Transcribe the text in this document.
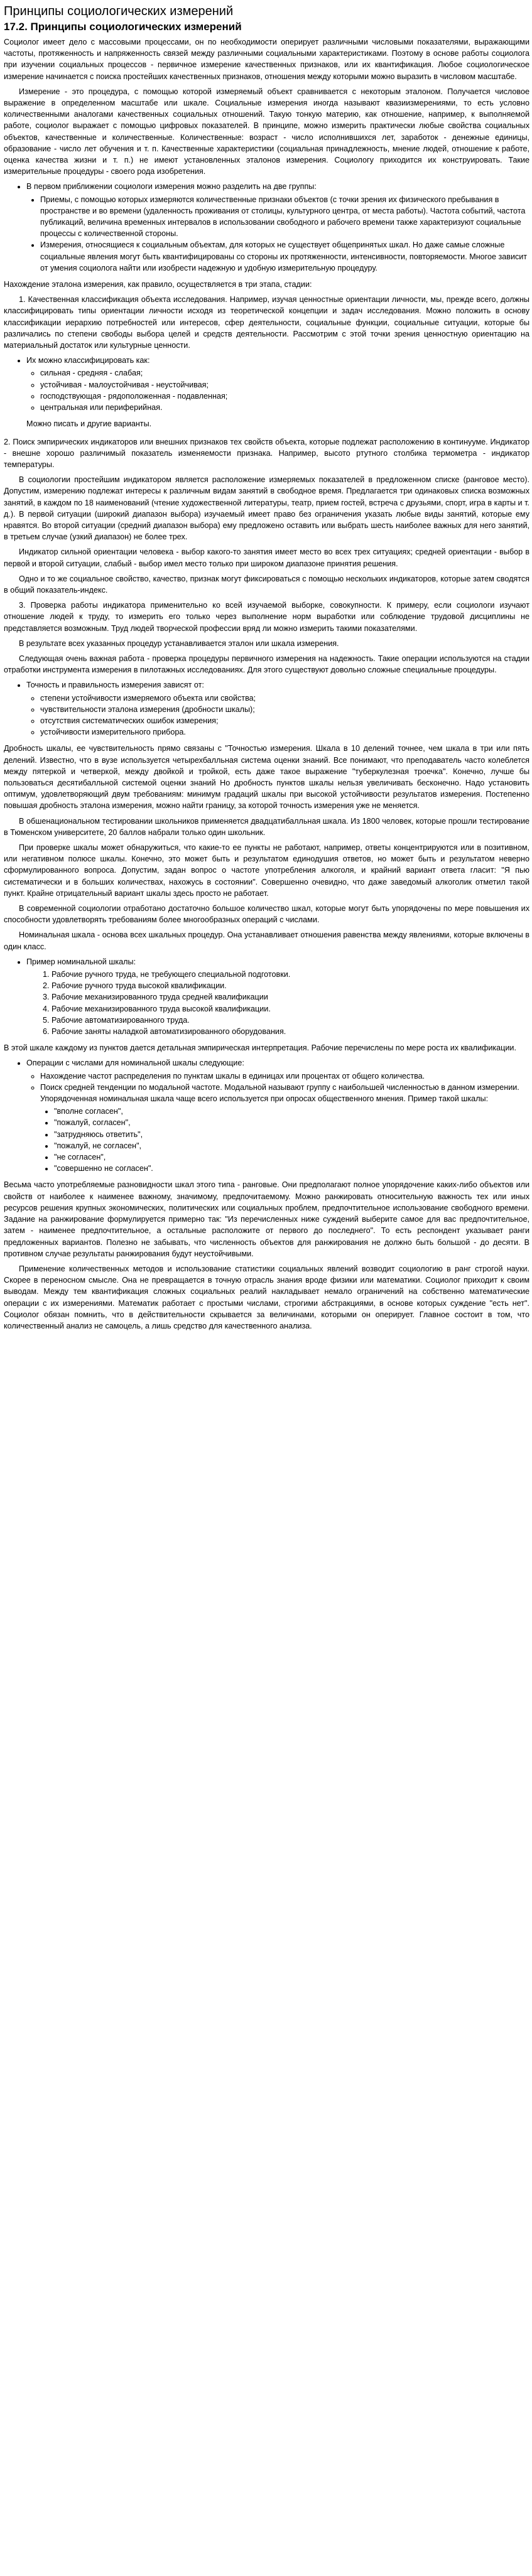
Принципы социологических измерений
17.2. Принципы социологических измерений

Социолог имеет дело с массовыми процессами, он по необходимости оперирует различными числовыми показателями, выражающими частоты, протяженность и напряженность связей между различными социальными характеристиками. Поэтому в основе работы социолога при изучении социальных процессов - первичное измерение качественных признаков, или их квантификация. Любое социологическое измерение начинается с поиска простейших качественных признаков, отношения между которыми можно выразить в числовом масштабе.

Измерение - это процедура, с помощью которой измеряемый объект сравнивается с некоторым эталоном. Получается числовое выражение в определенном масштабе или шкале. Социальные измерения иногда называют квазиизмерениями, то есть условно количественными аналогами качественных социальных отношений. Такую тонкую материю, как отношение, например, к выполняемой работе, социолог выражает с помощью цифровых показателей. В принципе, можно измерить практически любые свойства социальных объектов, качественные и количественные. Количественные: возраст - число исполнившихся лет, заработок - денежные единицы, образование - число лет обучения и т. п. Качественные характеристики (социальная принадлежность, мнение людей, отношение к работе, оценка качества жизни и т. п.) не имеют установленных эталонов измерения. Социологу приходится их конструировать. Такие измерительные процедуры - своего рода изобретения.

• В первом приближении социологи измерения можно разделить на две группы:
• Приемы, с помощью которых измеряются количественные признаки объектов (с точки зрения их физического пребывания в пространстве и во времени (удаленность проживания от столицы, культурного центра, от места работы). Частота событий, частота публикаций, величина временных интервалов в использовании свободного и рабочего времени также характеризуют социальные процессы с количественной стороны.
• Измерения, относящиеся к социальным объектам, для которых не существует общепринятых шкал. Но даже самые сложные социальные явления могут быть квантифицированы со стороны их протяженности, интенсивности, повторяемости. Многое зависит от умения социолога найти или изобрести надежную и удобную измерительную процедуру.

Нахождение эталона измерения, как правило, осуществляется в три этапа, стадии:

1. Качественная классификация объекта исследования. Например, изучая ценностные ориентации личности, мы, прежде всего, должны классифицировать типы ориентации личности исходя из теоретической концепции и задач исследования. Можно положить в основу классификации иерархию потребностей или интересов, сфер деятельности, социальные функции, социальные ситуации, которые бы различались по степени свободы выбора целей и средств деятельности. Рассмотрим с этой точки зрения ценностную ориентацию на материальный достаток или культурные ценности.

• Их можно классифицировать как:
◦ сильная - средняя - слабая;
◦ устойчивая - малоустойчивая - неустойчивая;
◦ господствующая - рядоположенная - подавленная;
◦ центральная или периферийная.
Можно писать и другие варианты.

2. Поиск эмпирических индикаторов или внешних признаков тех свойств объекта, которые подлежат расположению в континууме. Индикатор - внешне хорошо различимый показатель изменяемости признака. Например, высото ртутного столбика термометра - индикатор температуры.

В социологии простейшим индикатором является расположение измеряемых показателей в предложенном списке (ранговое место). Допустим, измерению подлежат интересы к различным видам занятий в свободное время. Предлагается три одинаковых списка возможных занятий, в каждом по 18 наименований (чтение художественной литературы, театр, прием гостей, встреча с друзьями, спорт, игра в карты и т. д.). В первой ситуации (широкий диапазон выбора) изучаемый имеет право без ограничения указать любые виды занятий, которые ему нравятся. Во второй ситуации (средний диапазон выбора) ему предложено оставить или выбрать шесть наиболее важных для него занятий, в третьем случае (узкий диапазон) не более трех.

Индикатор сильной ориентации человека - выбор какого-то занятия имеет место во всех трех ситуациях; средней ориентации - выбор в первой и второй ситуации, слабый - выбор имел место только при широком диапазоне принятия решения.

Одно и то же социальное свойство, качество, признак могут фиксироваться с помощью нескольких индикаторов, которые затем сводятся в общий показатель-индекс.

3. Проверка работы индикатора применительно ко всей изучаемой выборке, совокупности. К примеру, если социологи изучают отношение людей к труду, то измерить его только через выполнение норм выработки или соблюдение трудовой дисциплины не представляется возможным. Труд людей творческой профессии вряд ли можно измерить такими показателями.

В результате всех указанных процедур устанавливается эталон или шкала измерения.

Следующая очень важная работа - проверка процедуры первичного измерения на надежность. Такие операции используются на стадии отработки инструмента измерения в пилотажных исследованиях. Для этого существуют довольно сложные специальные процедуры.

• Точность и правильность измерения зависят от:
◦ степени устойчивости измеряемого объекта или свойства;
◦ чувствительности эталона измерения (дробности шкалы);
◦ отсутствия систематических ошибок измерения;
◦ устойчивости измерительного прибора.

Дробность шкалы, ее чувствительность прямо связаны с "Точностью измерения. Шкала в 10 делений точнее, чем шкала в три или пять делений. Известно, что в вузе используется четырехбалльная система оценки знаний. Все понимают, что преподаватель часто колеблется между пятеркой и четверкой, между двойкой и тройкой, есть даже такое выражение "туберкулезная троечка". Конечно, лучше бы пользоваться десятибалльной системой оценки знаний Но дробность пунктов шкалы нельзя увеличивать бесконечно. Надо установить оптимум, удовлетворяющий двум требованиям: минимум градаций шкалы при высокой устойчивости результатов измерения. Постепенно повышая дробность эталона измерения, можно найти границу, за которой точность измерения уже не меняется.

В обшенациональном тестировании школьников применяется двадцатибалльная шкала. Из 1800 человек, которые прошли тестирование в Тюменском университете, 20 баллов набрали только один школьник.

При проверке шкалы может обнаружиться, что какие-то ее пункты не работают, например, ответы концентрируются или в позитивном, или негативном полюсе шкалы. Конечно, это может быть и результатом единодушия ответов, но может быть и результатом неверно сформулированного вопроса. Допустим, задан вопрос о частоте употребления алкоголя, и крайний вариант ответа гласит: "Я пью систематически и в больших количествах, нахожусь в состоянии". Совершенно очевидно, что даже заведомый алкоголик отметил такой пункт. Крайне отрицательный вариант шкалы здесь просто не работает.

В современной социологии отработано достаточно большое количество шкал, которые могут быть упорядочены по мере повышения их способности удовлетворять требованиям более многообразных операций с числами.

Номинальная шкала - основа всех шкальных процедур. Она устанавливает отношения равенства между явлениями, которые включены в один класс.

• Пример номинальной шкалы:
1. Рабочие ручного труда, не требующего специальной подготовки.
2. Рабочие ручного труда высокой квалификации.
3. Рабочие механизированного труда средней квалификации
4. Рабочие механизированного труда высокой квалификации.
5. Рабочие автоматизированного труда.
6. Рабочие заняты наладкой автоматизированного оборудования.

В этой шкале каждому из пунктов дается детальная эмпирическая интерпретация. Рабочие перечислены по мере роста их квалификации.

• Операции с числами для номинальной шкалы следующие:
◦ Нахождение частот распределения по пунктам шкалы в единицах или процентах от общего количества.
◦ Поиск средней тенденции по модальной частоте. Модальной называют группу с наибольшей численностью в данном измерении. Упорядоченная номинальная шкала чаще всего используется при опросах общественного мнения. Пример такой шкалы:
• "вполне согласен",
• "пожалуй, согласен",
• "затрудняюсь ответить",
• "пожалуй, не согласен",
• "не согласен",
• "совершенно не согласен".

Весьма часто употребляемые разновидности шкал этого типа - ранговые. Они предполагают полное упорядочение каких-либо объектов или свойств от наиболее к наименее важному, значимому, предпочитаемому. Можно ранжировать относительную важность тех или иных ресурсов решения крупных экономических, политических или социальных проблем, предпочтительное использование свободного времени. Задание на ранжирование формулируется примерно так: "Из перечисленных ниже суждений выберите самое для вас предпочтительное, затем - наименее предпочтительное, а остальные расположите от первого до последнего". То есть респондент указывает ранги предложенных вариантов. Полезно не забывать, что численность объектов для ранжирования не должно быть большой - до десяти. В противном случае результаты ранжирования будут неустойчивыми.

Применение количественных методов и использование статистики социальных явлений возводит социологию в ранг строгой науки. Скорее в переносном смысле. Она не превращается в точную отрасль знания вроде физики или математики. Социолог приходит к своим выводам. Между тем квантификация сложных социальных реалий накладывает немало ограничений на собственно математические операции с их измерениями. Математик работает с простыми числами, строгими абстракциями, в основе которых суждение "есть нет". Социолог обязан помнить, что в действительности скрывается за величинами, которыми он оперирует. Главное состоит в том, что количественный анализ не самоцель, а лишь средство для качественного анализа.
